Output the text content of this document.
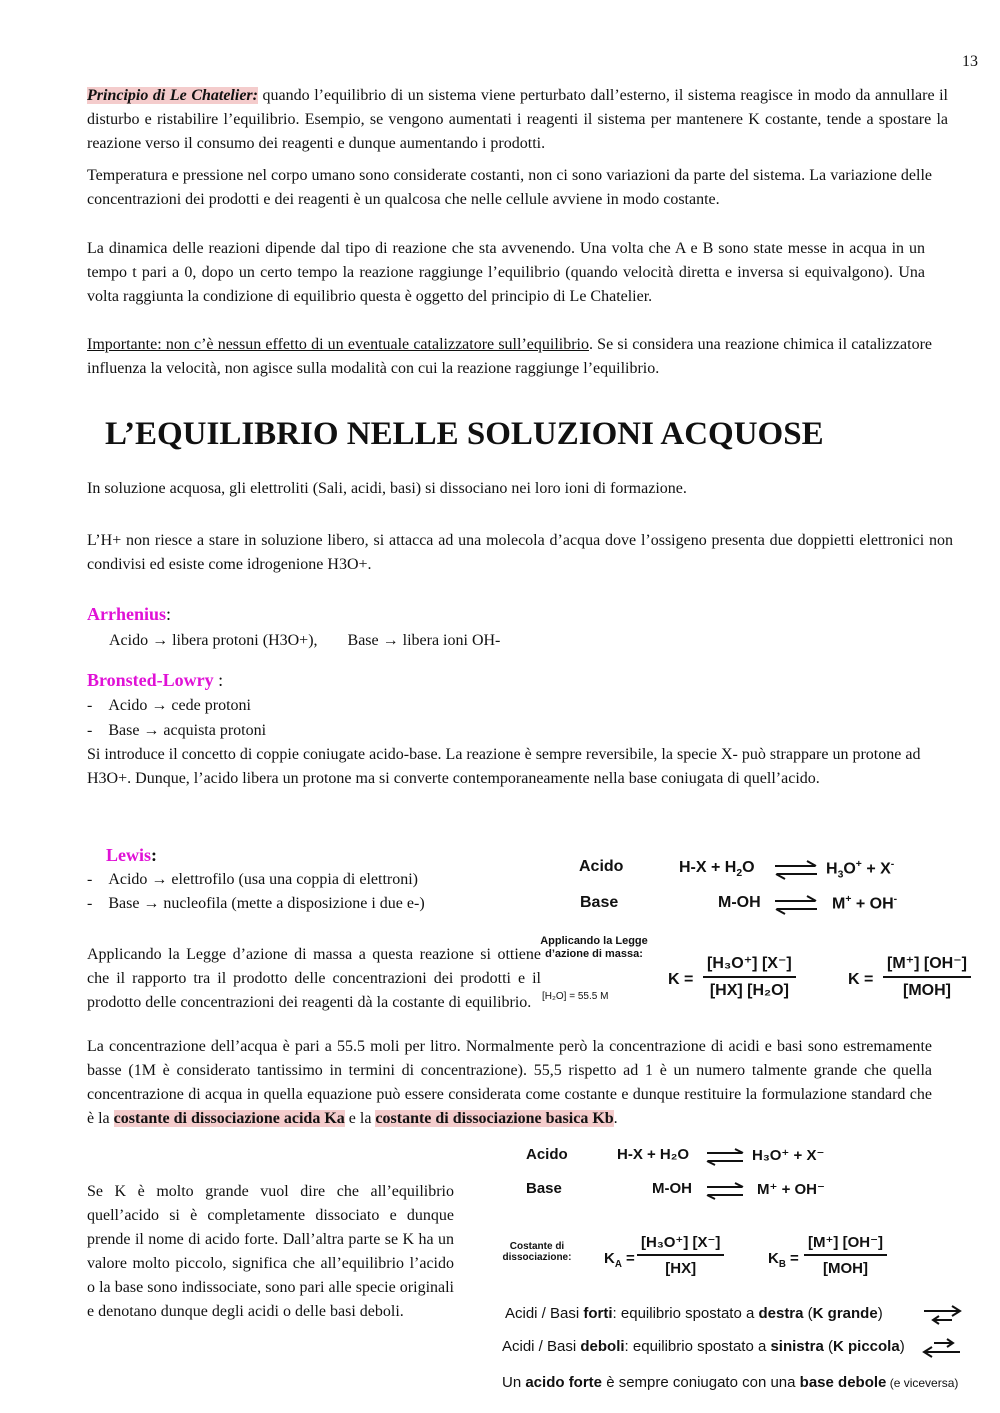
13

Principio di Le Chatelier: quando l’equilibrio di un sistema viene perturbato dall’esterno, il sistema reagisce in modo da annullare il disturbo e ristabilire l’equilibrio. Esempio, se vengono aumentati i reagenti il sistema per mantenere K costante, tende a spostare la reazione verso il consumo dei reagenti e dunque aumentando i prodotti.

Temperatura e pressione nel corpo umano sono considerate costanti, non ci sono variazioni da parte del sistema. La variazione delle concentrazioni dei prodotti e dei reagenti è un qualcosa che nelle cellule avviene in modo costante.

La dinamica delle reazioni dipende dal tipo di reazione che sta avvenendo. Una volta che A e B sono state messe in acqua in un tempo t pari a 0, dopo un certo tempo la reazione raggiunge l’equilibrio (quando velocità diretta e inversa si equivalgono). Una volta raggiunta la condizione di equilibrio questa è oggetto del principio di Le Chatelier.

Importante: non c’è nessun effetto di un eventuale catalizzatore sull’equilibrio. Se si considera una reazione chimica il catalizzatore influenza la velocità, non agisce sulla modalità con cui la reazione raggiunge l’equilibrio.

L’EQUILIBRIO NELLE SOLUZIONI ACQUOSE

In soluzione acquosa, gli elettroliti (Sali, acidi, basi) si dissociano nei loro ioni di formazione.

L’H+ non riesce a stare in soluzione libero, si attacca ad una molecola d’acqua dove l’ossigeno presenta due doppietti elettronici non condivisi ed esiste come idrogenione H3O+.

Arrhenius:
Acido → libera protoni (H3O+), Base → libera ioni OH-
Bronsted-Lowry :
- Acido → cede protoni
- Base → acquista protoni

Si introduce il concetto di coppie coniugate acido-base. La reazione è sempre reversibile, la specie X- può strappare un protone ad H3O+. Dunque, l’acido libera un protone ma si converte contemporaneamente nella base coniugata di quell’acido.

Lewis:
- Acido → elettrofilo (usa una coppia di elettroni)
- Base → nucleofila (mette a disposizione i due e-)
Acido	$H-X + H_2O$ ⇌ $H_3O^+ + X^-$
Base	M-OH ⇌ M+ + OH-
Applicando la Legge d’azione di massa:

Applicando la Legge d’azione di massa a questa reazione si ottiene che il rapporto tra il prodotto delle concentrazioni dei prodotti e il prodotto delle concentrazioni dei reagenti dà la costante di equilibrio.	[H₂O] = 55.5 M
$K = \frac{\text{[H₃O⁺] [X⁻]}}{\text{[HX] [H₂O]}}$	K =
[M⁺] [OH⁻]
[MOH]

La concentrazione dell’acqua è pari a 55.5 moli per litro. Normalmente però la concentrazione di acidi e basi sono estremamente basse (1M è considerato tantissimo in termini di concentrazione). 55,5 rispetto ad 1 è un numero talmente grande che quella concentrazione di acqua in quella equazione può essere considerata come costante e dunque restituire la formulazione standard che è la costante di dissociazione acida Ka e la costante di dissociazione basica Kb.

Se K è molto grande vuol dire che all’equilibrio quell’acido si è completamente dissociato e dunque prende il nome di acido forte. Dall’altra parte se K ha un valore molto piccolo, significa che all’equilibrio l’acido o la base sono indissociate, sono pari alle specie originali e denotano dunque degli acidi o delle basi deboli.

Acido	H-X + H₂O ⇌ H₃O⁺ + X⁻
Base	M-OH ⇌ M⁺ + OH⁻
Costante di dissociazione: $K_A = \frac{\text{[H₃O⁺] [X⁻]}}{[HX]}$	$K_B$ =
[M⁺] [OH⁻]
[MOH]
Acidi / Basi forti: equilibrio spostato a destra (K grande)
Acidi / Basi deboli: equilibrio spostato a sinistra (K piccola)
Un acido forte è sempre coniugato con una base debole (e viceversa)
